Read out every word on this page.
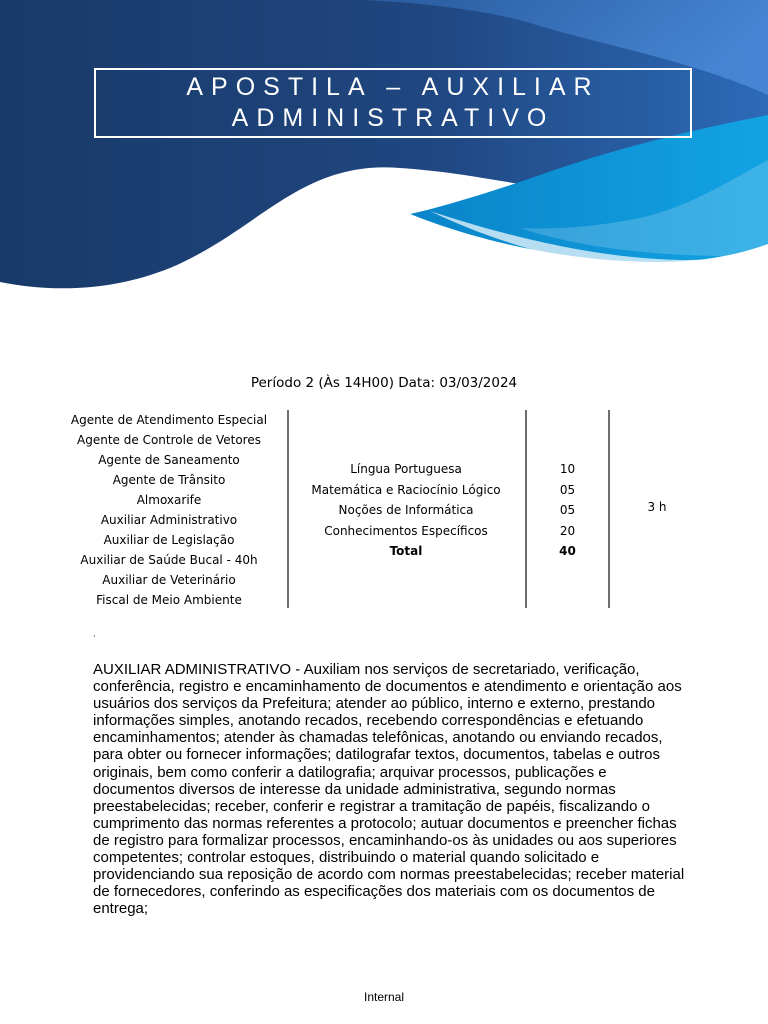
APOSTILA – AUXILIAR
ADMINISTRATIVO
Período 2 (Às 14H00) Data: 03/03/2024
Agente de Atendimento Especial
Agente de Controle de Vetores
Agente de Saneamento
Agente de Trânsito
Almoxarife
Auxiliar Administrativo
Auxiliar de Legislação
Auxiliar de Saúde Bucal - 40h
Auxiliar de Veterinário
Fiscal de Meio Ambiente
Língua Portuguesa
Matemática e Raciocínio Lógico
Noções de Informática
Conhecimentos Específicos
Total
10
05
05
20
40
3 h
,

AUXILIAR ADMINISTRATIVO - Auxiliam nos serviços de secretariado, verificação, conferência, registro e encaminhamento de documentos e atendimento e orientação aos usuários dos serviços da Prefeitura; atender ao público, interno e externo, prestando informações simples, anotando recados, recebendo correspondências e efetuando encaminhamentos; atender às chamadas telefônicas, anotando ou enviando recados, para obter ou fornecer informações; datilografar textos, documentos, tabelas e outros originais, bem como conferir a datilografia; arquivar processos, publicações e documentos diversos de interesse da unidade administrativa, segundo normas preestabelecidas; receber, conferir e registrar a tramitação de papéis, fiscalizando o cumprimento das normas referentes a protocolo; autuar documentos e preencher fichas de registro para formalizar processos, encaminhando-os às unidades ou aos superiores competentes; controlar estoques, distribuindo o material quando solicitado e providenciando sua reposição de acordo com normas preestabelecidas; receber material de fornecedores, conferindo as especificações dos materiais com os documentos de entrega;

Internal
